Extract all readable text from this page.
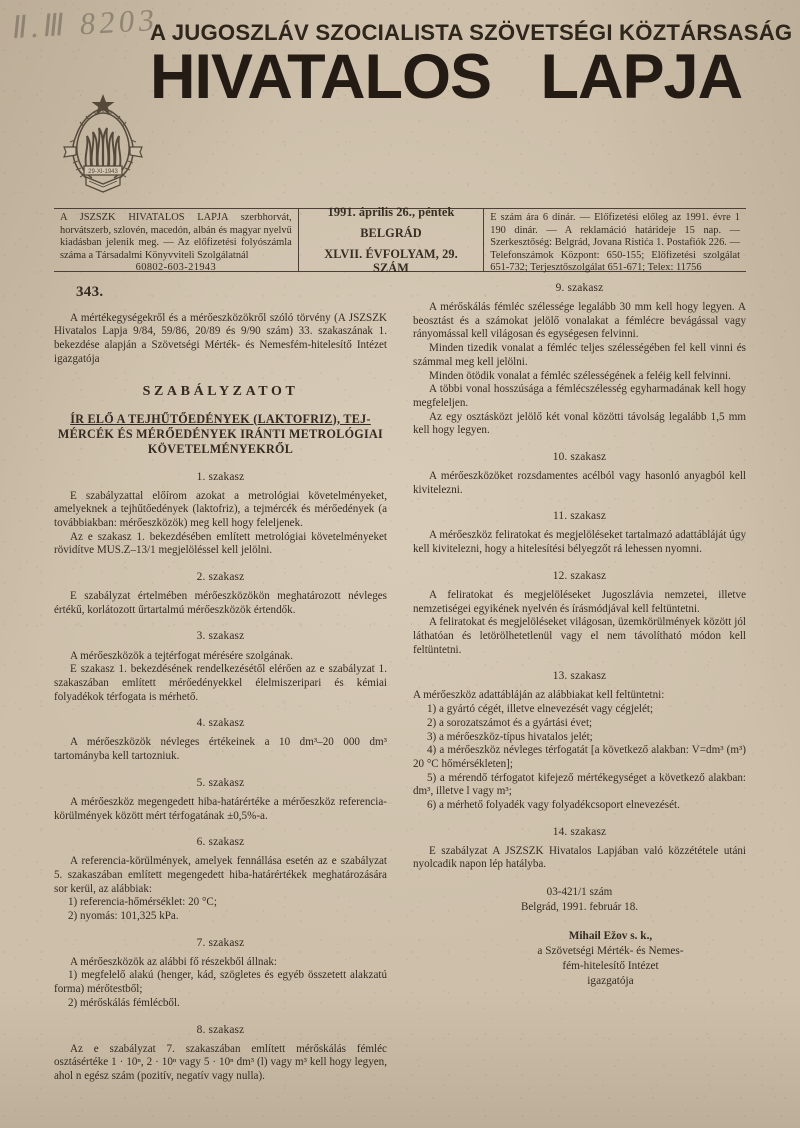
Ⅱ.Ⅲ 8203
29-XI-1943
A JUGOSZLÁV SZOCIALISTA SZÖVETSÉGI KÖZTÁRSASÁG
HIVATALOS LAPJA
A JSZSZK HIVATALOS LAPJA szerbhorvát, horvátszerb, szlovén, macedón, albán és magyar nyelvű kiadásban jelenik meg. — Az előfizetési folyószámla száma a Társadalmi Könyvviteli Szolgálatnál
60802-603-21943
1991. április 26., péntek
BELGRÁD
XLVII. ÉVFOLYAM, 29. SZÁM
E szám ára 6 dinár. — Előfizetési előleg az 1991. évre 1 190 dinár. — A reklamáció határideje 15 nap. — Szerkesztőség: Belgrád, Jovana Ristića 1. Postafiók 226. — Telefonszámok Központ: 650-155; Előfizetési szolgálat 651-732; Terjesztőszolgálat 651-671; Telex: 11756
343.

A mértékegységekről és a mérőeszközökről szóló törvény (A JSZSZK Hivatalos Lapja 9/84, 59/86, 20/89 és 9/90 szám) 33. szakaszának 1. bekezdése alapján a Szövetségi Mérték- és Nemesfém-hitelesítő Intézet igazgatója

SZABÁLYZATOT
ÍR ELŐ A TEJHŰTŐEDÉNYEK (LAKTOFRIZ), TEJ-
MÉRCÉK ÉS MÉRŐEDÉNYEK IRÁNTI METROLÓGIAI
KÖVETELMÉNYEKRŐL
1. szakasz

E szabályzattal előírom azokat a metrológiai követelményeket, amelyeknek a tejhűtőedények (laktofriz), a tejmércék és mérőedények (a továbbiakban: mérőeszközök) meg kell hogy feleljenek.

Az e szakasz 1. bekezdésében említett metrológiai követelményeket rövidítve MUS.Z–13/1 megjelöléssel kell jelölni.

2. szakasz

E szabályzat értelmében mérőeszközökön meghatározott névleges értékű, korlátozott űrtartalmú mérőeszközök értendők.

3. szakasz

A mérőeszközök a tejtérfogat mérésére szolgának.

E szakasz 1. bekezdésének rendelkezésétől elérően az e szabályzat 1. szakaszában említett mérőedényekkel élelmiszeripari és kémiai folyadékok térfogata is mérhető.

4. szakasz

A mérőeszközök névleges értékeinek a 10 dm³–20 000 dm³ tartományba kell tartozniuk.

5. szakasz

A mérőeszköz megengedett hiba-határértéke a mérőeszköz referencia-körülmények között mért térfogatának ±0,5%-a.

6. szakasz

A referencia-körülmények, amelyek fennállása esetén az e szabályzat 5. szakaszában említett megengedett hiba-határértékek meghatározására sor kerül, az alábbiak:

1) referencia-hőmérséklet: 20 °C;

2) nyomás: 101,325 kPa.

7. szakasz

A mérőeszközök az alábbi fő részekből állnak:

1) megfelelő alakú (henger, kád, szögletes és egyéb összetett alakzatú forma) mérőtestből;

2) mérőskálás fémlécből.

8. szakasz

Az e szabályzat 7. szakaszában említett mérőskálás fémléc osztásértéke 1 · 10ⁿ, 2 · 10ⁿ vagy 5 · 10ⁿ dm³ (l) vagy m³ kell hogy legyen, ahol n egész szám (pozitív, negatív vagy nulla).

9. szakasz

A mérőskálás fémléc szélessége legalább 30 mm kell hogy legyen. A beosztást és a számokat jelölő vonalakat a fémlécre bevágással vagy rányomással kell világosan és egységesen felvinni.

Minden tizedik vonalat a fémléc teljes szélességében fel kell vinni és számmal meg kell jelölni.

Minden ötödik vonalat a fémléc szélességének a feléig kell felvinni.

A többi vonal hosszúsága a fémlécszélesség egyharmadának kell hogy megfeleljen.

Az egy osztásközt jelölő két vonal közötti távolság legalább 1,5 mm kell hogy legyen.

10. szakasz

A mérőeszközöket rozsdamentes acélból vagy hasonló anyagból kell kivitelezni.

11. szakasz

A mérőeszköz feliratokat és megjelöléseket tartalmazó adattábláját úgy kell kivitelezni, hogy a hitelesítési bélyegzőt rá lehessen nyomni.

12. szakasz

A feliratokat és megjelöléseket Jugoszlávia nemzetei, illetve nemzetiségei egyikének nyelvén és írásmódjával kell feltüntetni.

A feliratokat és megjelöléseket világosan, üzemkörülmények között jól láthatóan és letörölhetetlenül vagy el nem távolítható módon kell feltüntetni.

13. szakasz

A mérőeszköz adattábláján az alábbiakat kell feltüntetni:

1) a gyártó cégét, illetve elnevezését vagy cégjelét;

2) a sorozatszámot és a gyártási évet;

3) a mérőeszköz-típus hivatalos jelét;

4) a mérőeszköz névleges térfogatát [a következő alakban: V=dm³ (m³) 20 °C hőmérsékleten];

5) a mérendő térfogatot kifejező mértékegységet a következő alakban: dm³, illetve l vagy m³;

6) a mérhető folyadék vagy folyadékcsoport elnevezését.

14. szakasz

E szabályzat A JSZSZK Hivatalos Lapjában való közzététele utáni nyolcadik napon lép hatályba.

03-421/1 szám
Belgrád, 1991. február 18.
Mihail Ežov s. k.,
a Szövetségi Mérték- és Nemes-
fém-hitelesítő Intézet
igazgatója
